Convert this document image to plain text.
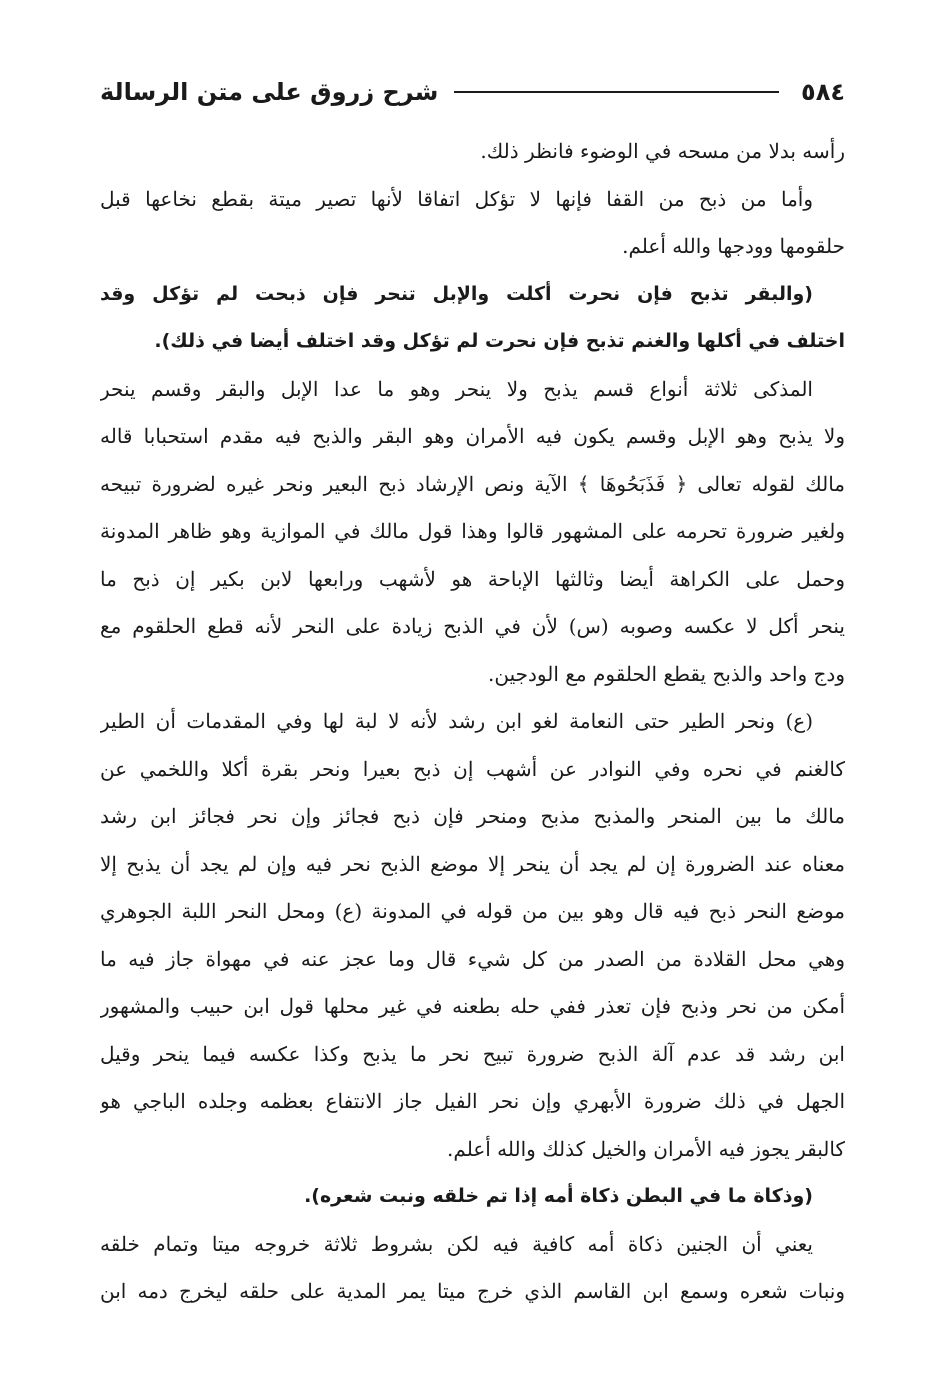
٥٨٤
شرح زروق على متن الرسالة
رأسه بدلا من مسحه في الوضوء فانظر ذلك.
وأما من ذبح من القفا فإنها لا تؤكل اتفاقا لأنها تصير ميتة بقطع نخاعها قبل
حلقومها وودجها والله أعلم.
(والبقر تذبح فإن نحرت أكلت والإبل تنحر فإن ذبحت لم تؤكل وقد
اختلف في أكلها والغنم تذبح فإن نحرت لم تؤكل وقد اختلف أيضا في ذلك).
المذكى ثلاثة أنواع قسم يذبح ولا ينحر وهو ما عدا الإبل والبقر وقسم ينحر
ولا يذبح وهو الإبل وقسم يكون فيه الأمران وهو البقر والذبح فيه مقدم استحبابا قاله
مالك لقوله تعالى ﴿ فَذَبَحُوهَا ﴾ الآية ونص الإرشاد ذبح البعير ونحر غيره لضرورة تبيحه
ولغير ضرورة تحرمه على المشهور قالوا وهذا قول مالك في الموازية وهو ظاهر المدونة
وحمل على الكراهة أيضا وثالثها الإباحة هو لأشهب ورابعها لابن بكير إن ذبح ما
ينحر أكل لا عكسه وصوبه (س) لأن في الذبح زيادة على النحر لأنه قطع الحلقوم مع
ودج واحد والذبح يقطع الحلقوم مع الودجين.
(ع) ونحر الطير حتى النعامة لغو ابن رشد لأنه لا لبة لها وفي المقدمات أن الطير
كالغنم في نحره وفي النوادر عن أشهب إن ذبح بعيرا ونحر بقرة أكلا واللخمي عن
مالك ما بين المنحر والمذبح مذبح ومنحر فإن ذبح فجائز وإن نحر فجائز ابن رشد
معناه عند الضرورة إن لم يجد أن ينحر إلا موضع الذبح نحر فيه وإن لم يجد أن يذبح إلا
موضع النحر ذبح فيه قال وهو بين من قوله في المدونة (ع) ومحل النحر اللبة الجوهري
وهي محل القلادة من الصدر من كل شيء قال وما عجز عنه في مهواة جاز فيه ما
أمكن من نحر وذبح فإن تعذر ففي حله بطعنه في غير محلها قول ابن حبيب والمشهور
ابن رشد قد عدم آلة الذبح ضرورة تبيح نحر ما يذبح وكذا عكسه فيما ينحر وقيل
الجهل في ذلك ضرورة الأبهري وإن نحر الفيل جاز الانتفاع بعظمه وجلده الباجي هو
كالبقر يجوز فيه الأمران والخيل كذلك والله أعلم.
(وذكاة ما في البطن ذكاة أمه إذا تم خلقه ونبت شعره).
يعني أن الجنين ذكاة أمه كافية فيه لكن بشروط ثلاثة خروجه ميتا وتمام خلقه
ونبات شعره وسمع ابن القاسم الذي خرج ميتا يمر المدية على حلقه ليخرج دمه ابن
